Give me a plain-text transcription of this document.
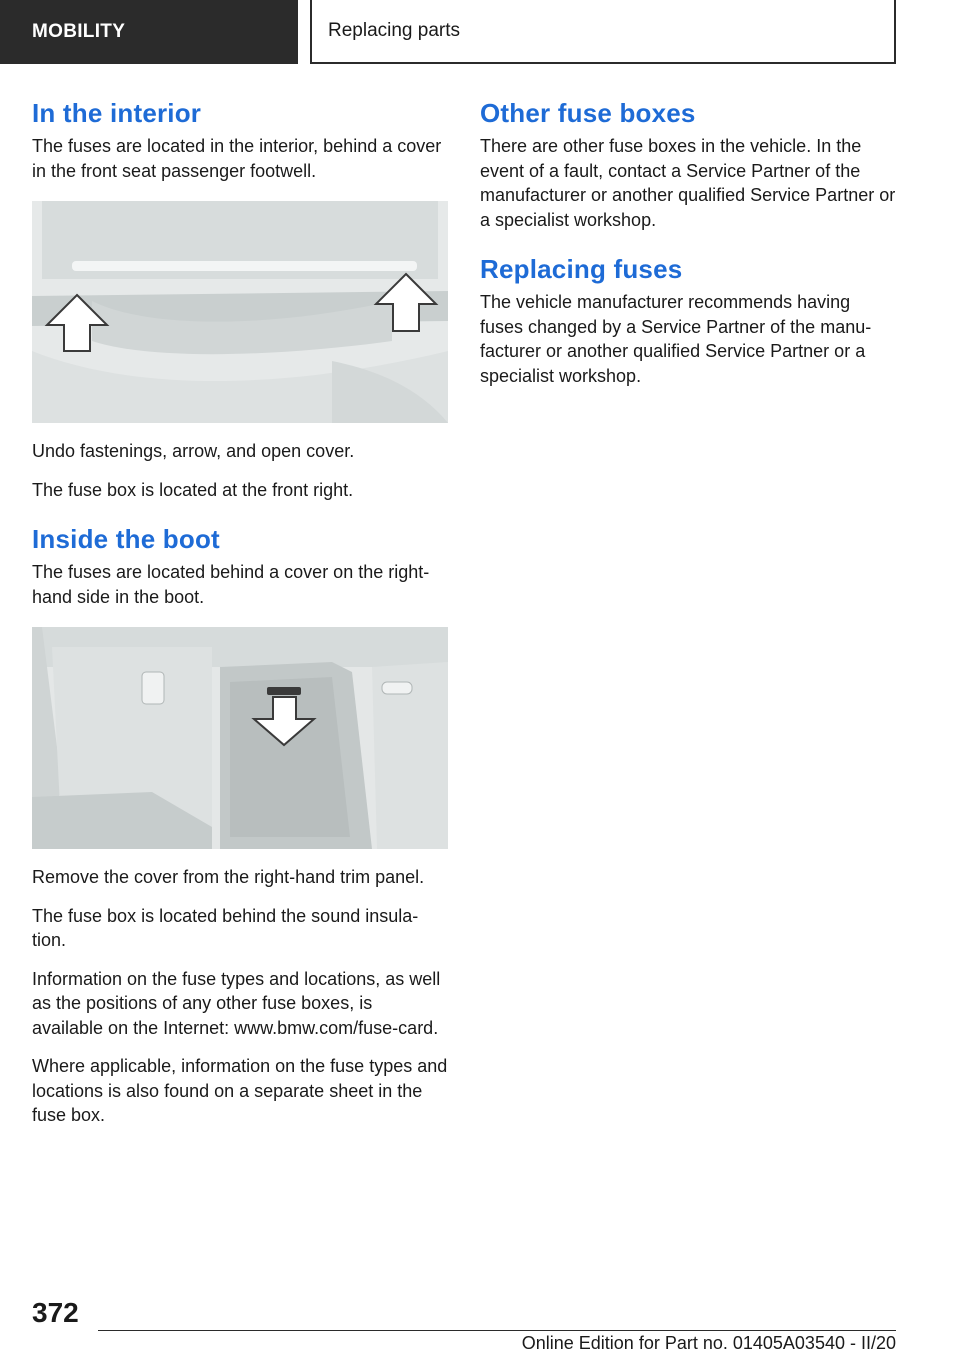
MOBILITY	Replacing parts
In the interior

The fuses are located in the interior, behind a cover in the front seat passenger footwell.

Undo fastenings, arrow, and open cover.

The fuse box is located at the front right.

Inside the boot

The fuses are located behind a cover on the right-hand side in the boot.

Remove the cover from the right-hand trim panel.

The fuse box is located behind the sound insula-tion.

Information on the fuse types and locations, as well as the positions of any other fuse boxes, is available on the Internet: www.bmw.com/fuse-card.

Where applicable, information on the fuse types and locations is also found on a separate sheet in the fuse box.

Other fuse boxes

There are other fuse boxes in the vehicle. In the event of a fault, contact a Service Partner of the manufacturer or another qualified Service Partner or a specialist workshop.

Replacing fuses

The vehicle manufacturer recommends having fuses changed by a Service Partner of the manu-facturer or another qualified Service Partner or a specialist workshop.

372
Online Edition for Part no. 01405A03540 - II/20
